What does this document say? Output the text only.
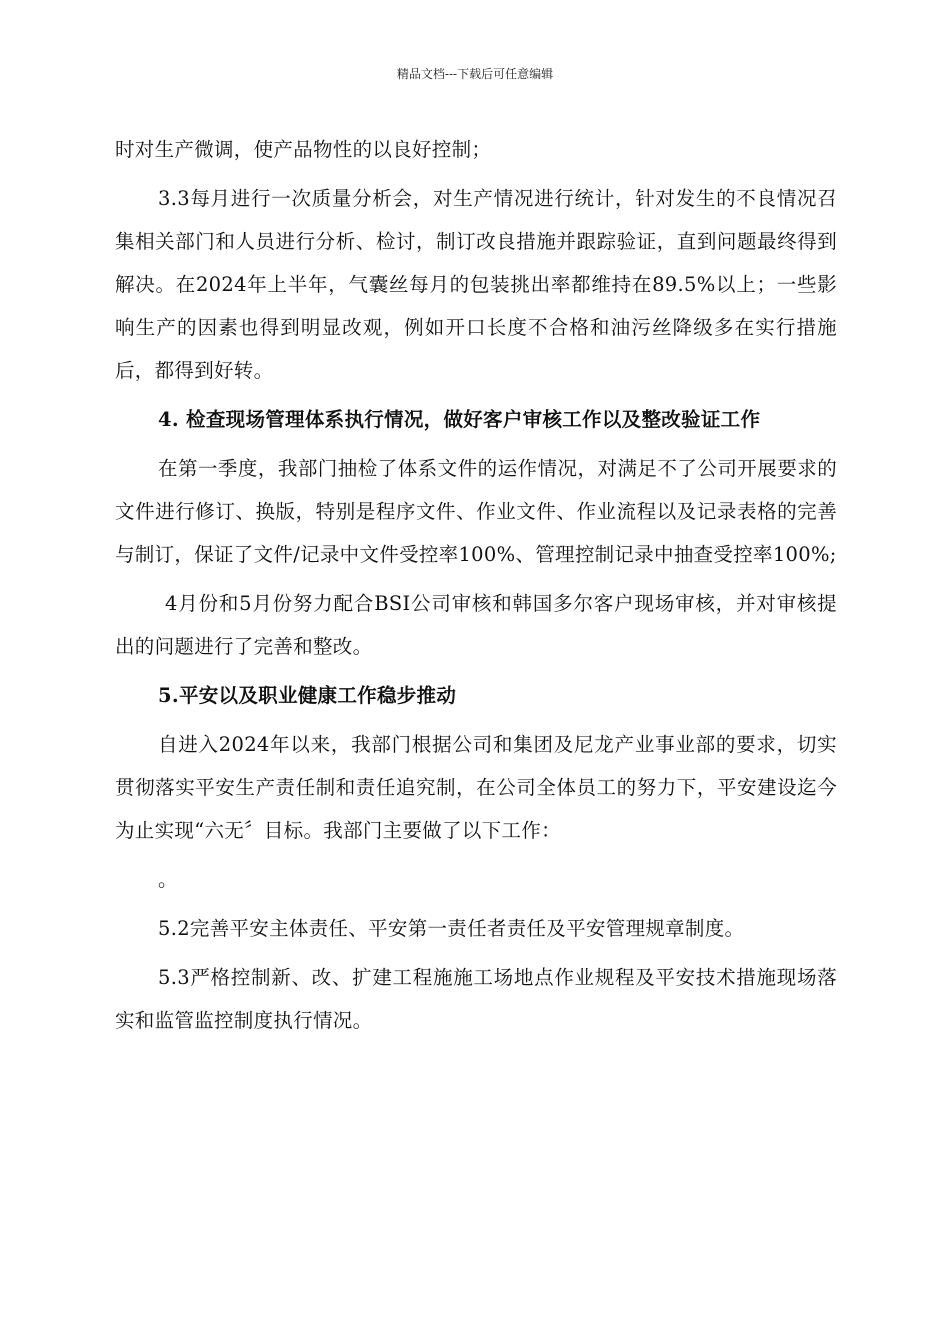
精品文档---下载后可任意编辑

时对生产微调，使产品物性的以良好控制；

3.3每月进行一次质量分析会，对生产情况进行统计，针对发生的不良情况召集相关部门和人员进行分析、检讨，制订改良措施并跟踪验证，直到问题最终得到解决。在2024年上半年，气囊丝每月的包装挑出率都维持在89.5%以上；一些影响生产的因素也得到明显改观，例如开口长度不合格和油污丝降级多在实行措施后，都得到好转。

4. 检查现场管理体系执行情况，做好客户审核工作以及整改验证工作

在第一季度，我部门抽检了体系文件的运作情况，对满足不了公司开展要求的文件进行修订、换版，特别是程序文件、作业文件、作业流程以及记录表格的完善与制订，保证了文件/记录中文件受控率100%、管理控制记录中抽查受控率100%;

4月份和5月份努力配合BSI公司审核和韩国多尔客户现场审核，并对审核提出的问题进行了完善和整改。

5.平安以及职业健康工作稳步推动

自进入2024年以来，我部门根据公司和集团及尼龙产业事业部的要求，切实贯彻落实平安生产责任制和责任追究制，在公司全体员工的努力下，平安建设迄今为止实现“六无〞目标。我部门主要做了以下工作：

。

5.2完善平安主体责任、平安第一责任者责任及平安管理规章制度。

5.3严格控制新、改、扩建工程施施工场地点作业规程及平安技术措施现场落实和监管监控制度执行情况。
